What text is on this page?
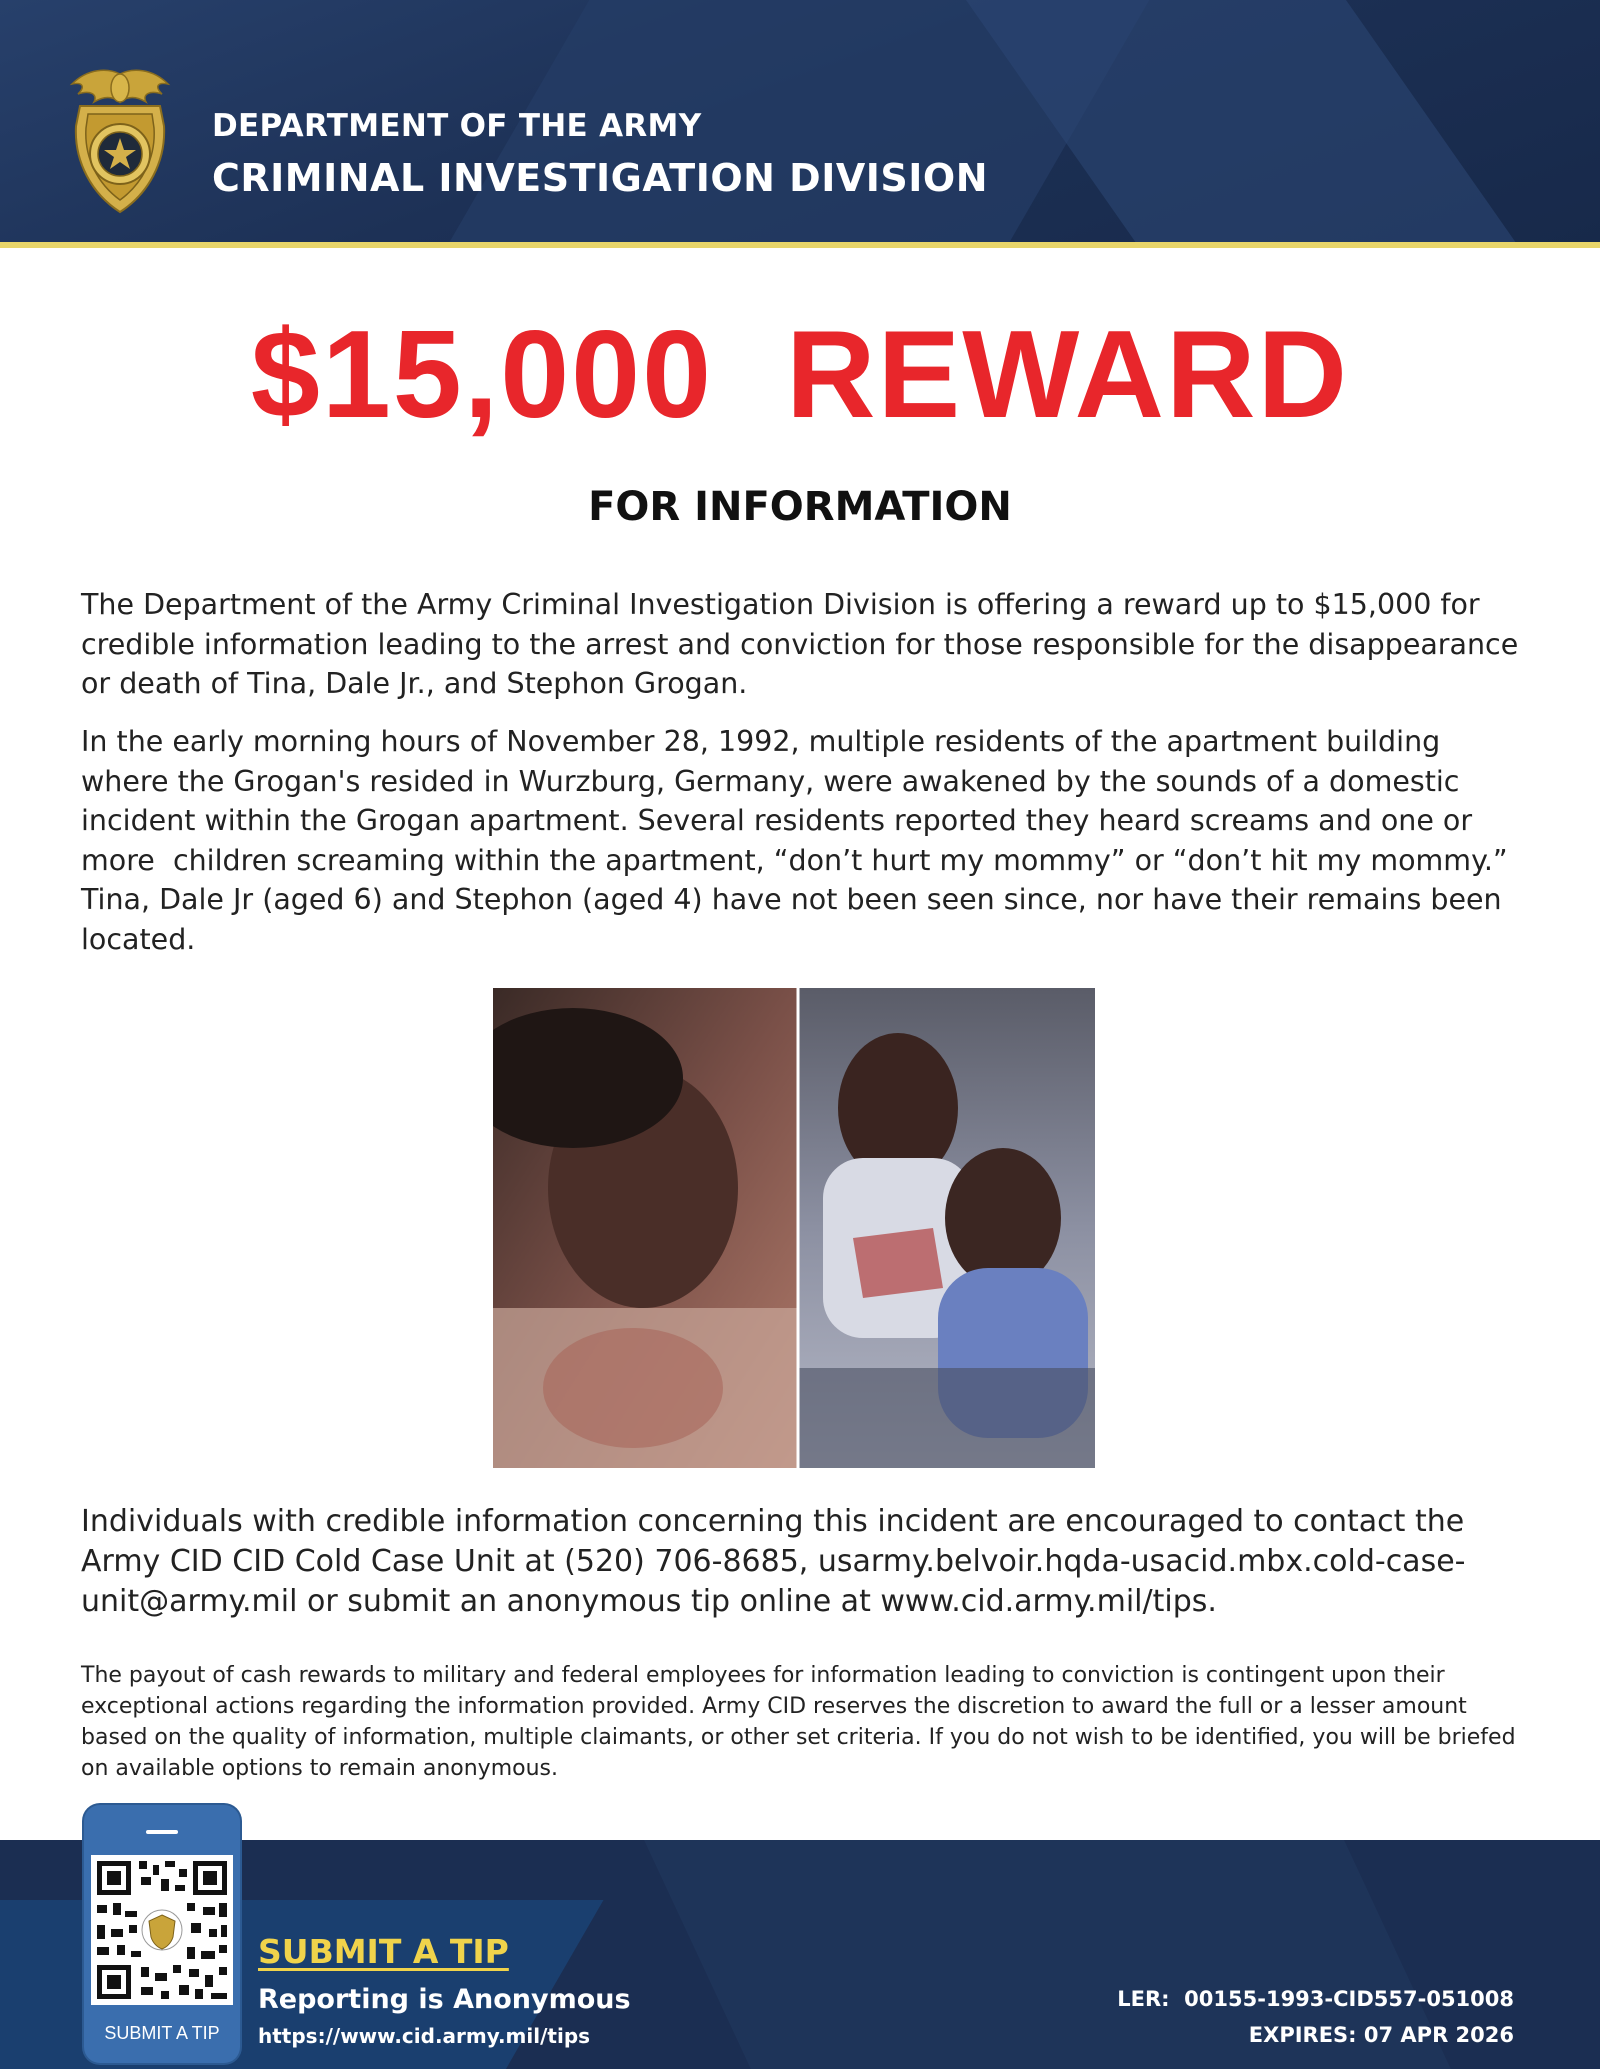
DEPARTMENT OF THE ARMY
CRIMINAL INVESTIGATION DIVISION
$15,000  REWARD
FOR INFORMATION

The Department of the Army Criminal Investigation Division is offering a reward up to $15,000 for credible information leading to the arrest and conviction for those responsible for the disappearance or death of Tina, Dale Jr., and Stephon Grogan.

In the early morning hours of November 28, 1992, multiple residents of the apartment building where the Grogan's resided in Wurzburg, Germany, were awakened by the sounds of a domestic incident within the Grogan apartment. Several residents reported they heard screams and one or more  children screaming within the apartment, “don’t hurt my mommy” or “don’t hit my mommy.” Tina, Dale Jr (aged 6) and Stephon (aged 4) have not been seen since, nor have their remains been located.

Individuals with credible information concerning this incident are encouraged to contact the Army CID CID Cold Case Unit at (520) 706-8685, usarmy.belvoir.hqda-usacid.mbx.cold-case-unit@army.mil or submit an anonymous tip online at www.cid.army.mil/tips.

The payout of cash rewards to military and federal employees for information leading to conviction is contingent upon their exceptional actions regarding the information provided. Army CID reserves the discretion to award the full or a lesser amount based on the quality of information, multiple claimants, or other set criteria. If you do not wish to be identified, you will be briefed on available options to remain anonymous.

SUBMIT A TIP
SUBMIT A TIP
Reporting is Anonymous
https://www.cid.army.mil/tips
LER:  00155-1993-CID557-051008
EXPIRES: 07 APR 2026
